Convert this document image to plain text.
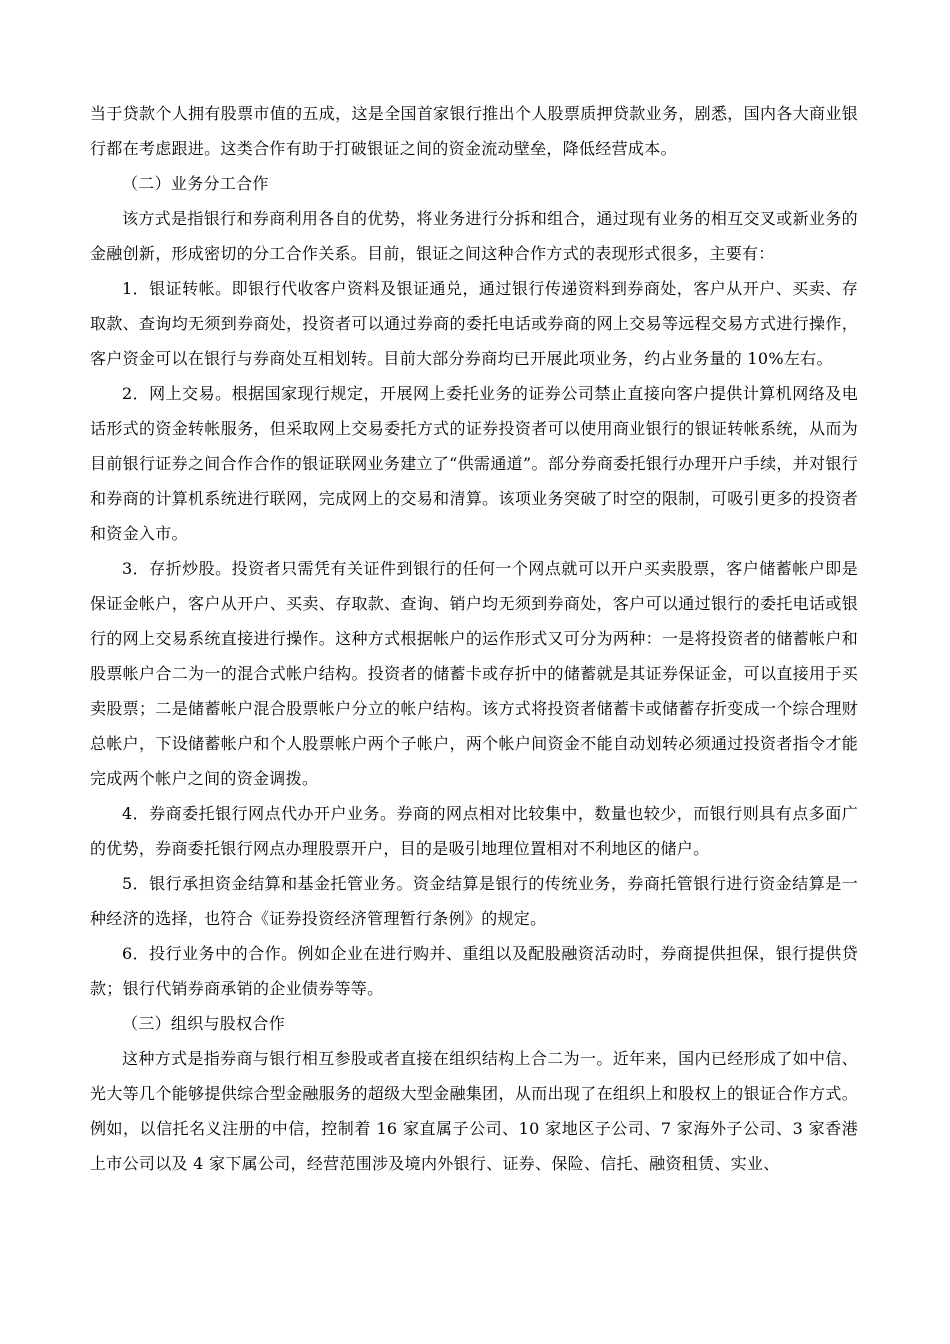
当于贷款个人拥有股票市值的五成，这是全国首家银行推出个人股票质押贷款业务，剧悉，国内各大商业银行都在考虑跟进。这类合作有助于打破银证之间的资金流动壁垒，降低经营成本。

（二）业务分工合作

该方式是指银行和券商利用各自的优势，将业务进行分拆和组合，通过现有业务的相互交叉或新业务的金融创新，形成密切的分工合作关系。目前，银证之间这种合作方式的表现形式很多，主要有：

1．银证转帐。即银行代收客户资料及银证通兑，通过银行传递资料到券商处，客户从开户、买卖、存取款、查询均无须到券商处，投资者可以通过券商的委托电话或券商的网上交易等远程交易方式进行操作，客户资金可以在银行与券商处互相划转。目前大部分券商均已开展此项业务，约占业务量的 10%左右。

2．网上交易。根据国家现行规定，开展网上委托业务的证券公司禁止直接向客户提供计算机网络及电话形式的资金转帐服务，但采取网上交易委托方式的证券投资者可以使用商业银行的银证转帐系统，从而为目前银行证券之间合作合作的银证联网业务建立了“供需通道”。部分券商委托银行办理开户手续，并对银行和券商的计算机系统进行联网，完成网上的交易和清算。该项业务突破了时空的限制，可吸引更多的投资者和资金入市。

3．存折炒股。投资者只需凭有关证件到银行的任何一个网点就可以开户买卖股票，客户储蓄帐户即是保证金帐户，客户从开户、买卖、存取款、查询、销户均无须到券商处，客户可以通过银行的委托电话或银行的网上交易系统直接进行操作。这种方式根据帐户的运作形式又可分为两种：一是将投资者的储蓄帐户和股票帐户合二为一的混合式帐户结构。投资者的储蓄卡或存折中的储蓄就是其证券保证金，可以直接用于买卖股票；二是储蓄帐户混合股票帐户分立的帐户结构。该方式将投资者储蓄卡或储蓄存折变成一个综合理财总帐户，下设储蓄帐户和个人股票帐户两个子帐户，两个帐户间资金不能自动划转必须通过投资者指令才能完成两个帐户之间的资金调拨。

4．券商委托银行网点代办开户业务。券商的网点相对比较集中，数量也较少，而银行则具有点多面广的优势，券商委托银行网点办理股票开户，目的是吸引地理位置相对不利地区的储户。

5．银行承担资金结算和基金托管业务。资金结算是银行的传统业务，券商托管银行进行资金结算是一种经济的选择，也符合《证券投资经济管理暂行条例》的规定。

6．投行业务中的合作。例如企业在进行购并、重组以及配股融资活动时，券商提供担保，银行提供贷款；银行代销券商承销的企业债券等等。

（三）组织与股权合作

这种方式是指券商与银行相互参股或者直接在组织结构上合二为一。近年来，国内已经形成了如中信、光大等几个能够提供综合型金融服务的超级大型金融集团，从而出现了在组织上和股权上的银证合作方式。例如，以信托名义注册的中信，控制着 16 家直属子公司、10 家地区子公司、7 家海外子公司、3 家香港上市公司以及 4 家下属公司，经营范围涉及境内外银行、证券、保险、信托、融资租赁、实业、
